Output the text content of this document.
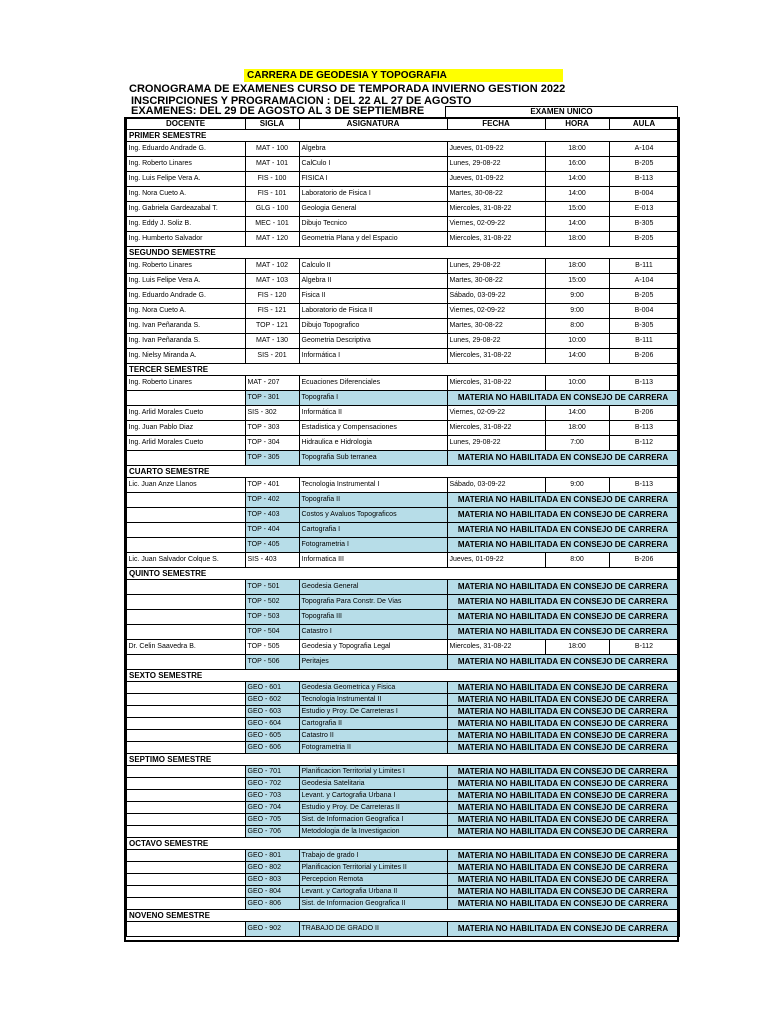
CARRERA DE GEODESIA Y TOPOGRAFIA
CRONOGRAMA DE EXAMENES CURSO DE TEMPORADA INVIERNO GESTION 2022
INSCRIPCIONES Y PROGRAMACION : DEL 22 AL 27 DE AGOSTO
EXAMENES: DEL 29 DE AGOSTO AL 3 DE SEPTIEMBRE	EXAMEN UNICO
DOCENTE	SIGLA	ASIGNATURA	FECHA	HORA	AULA
PRIMER SEMESTRE					
Ing. Eduardo Andrade G.	MAT - 100	Algebra	Jueves, 01-09-22	18:00	A-104
Ing. Roberto Linares	MAT - 101	CalCulo I	Lunes, 29-08-22	16:00	B-205
Ing. Luis Felipe Vera A.	FIS - 100	FISICA I	Jueves, 01-09-22	14:00	B-113
Ing. Nora Cueto A.	FIS - 101	Laboratorio de Fisica I	Martes, 30-08-22	14:00	B-004
Ing. Gabriela Gardeazabal T.	GLG - 100	Geologia General	Miercoles, 31-08-22	15:00	E-013
Ing. Eddy J. Soliz B.	MEC - 101	Dibujo Tecnico	Viernes, 02-09-22	14:00	B-305
Ing. Humberto Salvador	MAT - 120	Geometria Plana y del Espacio	Miercoles, 31-08-22	18:00	B-205
SEGUNDO SEMESTRE					
Ing. Roberto Linares	MAT - 102	Calculo II	Lunes, 29-08-22	18:00	B-111
Ing. Luis Felipe Vera A.	MAT - 103	Algebra II	Martes, 30-08-22	15:00	A-104
Ing. Eduardo Andrade G.	FIS - 120	Fisica II	Sábado, 03-09-22	9:00	B-205
Ing. Nora Cueto A.	FIS - 121	Laboratorio de Fisica II	Viernes, 02-09-22	9:00	B-004
Ing. Ivan Peñaranda S.	TOP - 121	Dibujo Topografico	Martes, 30-08-22	8:00	B-305
Ing. Ivan Peñaranda S.	MAT - 130	Geometria Descriptiva	Lunes, 29-08-22	10:00	B-111
Ing. Nielsy Miranda A.	SIS - 201	Informática I	Miercoles, 31-08-22	14:00	B-206
TERCER SEMESTRE					
Ing. Roberto Linares	MAT - 207	Ecuaciones Diferenciales	Miercoles, 31-08-22	10:00	B-113
	TOP - 301	Topografia I	MATERIA NO HABILITADA EN CONSEJO DE CARRERA		
Ing. Arlid Morales Cueto	SIS - 302	Informática II	Viernes, 02-09-22	14:00	B-206
Ing. Juan Pablo Diaz	TOP - 303	Estadistica y Compensaciones	Miercoles, 31-08-22	18:00	B-113
Ing. Arlid Morales Cueto	TOP - 304	Hidraulica e Hidrologia	Lunes, 29-08-22	7:00	B-112
	TOP - 305	Topografia Sub terranea	MATERIA NO HABILITADA EN CONSEJO DE CARRERA		
CUARTO SEMESTRE					
Lic. Juan Anze Llanos	TOP - 401	Tecnologia Instrumental I	Sábado, 03-09-22	9:00	B-113
	TOP - 402	Topografia II	MATERIA NO HABILITADA EN CONSEJO DE CARRERA		
	TOP - 403	Costos y Avaluos Topograficos	MATERIA NO HABILITADA EN CONSEJO DE CARRERA		
	TOP - 404	Cartografia I	MATERIA NO HABILITADA EN CONSEJO DE CARRERA		
	TOP - 405	Fotogrametria I	MATERIA NO HABILITADA EN CONSEJO DE CARRERA		
Lic. Juan Salvador Colque S.	SIS - 403	Informatica III	Jueves, 01-09-22	8:00	B-206
QUINTO SEMESTRE					
	TOP - 501	Geodesia General	MATERIA NO HABILITADA EN CONSEJO DE CARRERA		
	TOP - 502	Topografia Para Constr. De Vias	MATERIA NO HABILITADA EN CONSEJO DE CARRERA		
	TOP - 503	Topografia III	MATERIA NO HABILITADA EN CONSEJO DE CARRERA		
	TOP - 504	Catastro I	MATERIA NO HABILITADA EN CONSEJO DE CARRERA		
Dr. Celin Saavedra B.	TOP - 505	Geodesia y Topografia Legal	Miercoles, 31-08-22	18:00	B-112
	TOP - 506	Peritajes	MATERIA NO HABILITADA EN CONSEJO DE CARRERA		
SEXTO SEMESTRE					
	GEO - 601	Geodesia Geometrica y Fisica	MATERIA NO HABILITADA EN CONSEJO DE CARRERA		
	GEO - 602	Tecnologia Instrumental II	MATERIA NO HABILITADA EN CONSEJO DE CARRERA		
	GEO - 603	Estudio y Proy. De Carreteras I	MATERIA NO HABILITADA EN CONSEJO DE CARRERA		
	GEO - 604	Cartografia II	MATERIA NO HABILITADA EN CONSEJO DE CARRERA		
	GEO - 605	Catastro II	MATERIA NO HABILITADA EN CONSEJO DE CARRERA		
	GEO - 606	Fotogrametria II	MATERIA NO HABILITADA EN CONSEJO DE CARRERA		
SEPTIMO SEMESTRE					
	GEO - 701	Planificacion Territorial y Limites I	MATERIA NO HABILITADA EN CONSEJO DE CARRERA		
	GEO - 702	Geodesia Satelitaria	MATERIA NO HABILITADA EN CONSEJO DE CARRERA		
	GEO - 703	Levant. y Cartografia Urbana I	MATERIA NO HABILITADA EN CONSEJO DE CARRERA		
	GEO - 704	Estudio y Proy. De Carreteras II	MATERIA NO HABILITADA EN CONSEJO DE CARRERA		
	GEO - 705	Sist. de Informacion Geografica I	MATERIA NO HABILITADA EN CONSEJO DE CARRERA		
	GEO - 706	Metodologia de la Investigacion	MATERIA NO HABILITADA EN CONSEJO DE CARRERA		
OCTAVO SEMESTRE					
	GEO - 801	Trabajo de grado I	MATERIA NO HABILITADA EN CONSEJO DE CARRERA		
	GEO - 802	Planificacion Territorial y Limites II	MATERIA NO HABILITADA EN CONSEJO DE CARRERA		
	GEO - 803	Percepcion Remota	MATERIA NO HABILITADA EN CONSEJO DE CARRERA		
	GEO - 804	Levant. y Cartografia Urbana II	MATERIA NO HABILITADA EN CONSEJO DE CARRERA		
	GEO - 806	Sist. de Informacion Geografica II	MATERIA NO HABILITADA EN CONSEJO DE CARRERA		
NOVENO SEMESTRE					
	GEO - 902	TRABAJO DE GRADO II	MATERIA NO HABILITADA EN CONSEJO DE CARRERA		
